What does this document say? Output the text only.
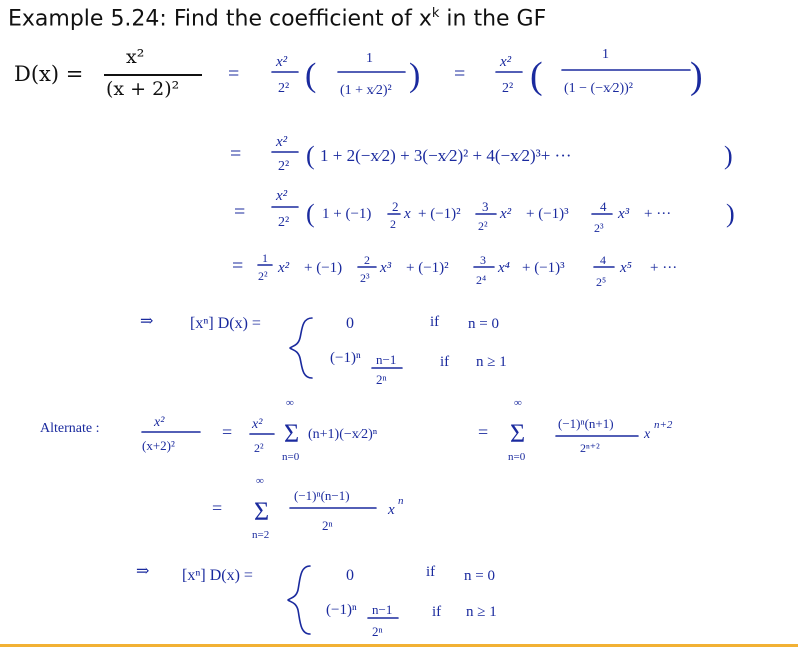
Example 5.24: Find the coefficient of $x^k$ in the GF
D(x) =
x²
(x + 2)²
=
x²
2² (	1
(1 + x⁄2)² ) =
x²
2² (
1
(1 − (−x⁄2))² )
=
x²
2² ( 1 + 2(−x⁄2) + 3(−x⁄2)² + 4(−x⁄2)³+ ···	)
=
x²
2² ( 1 + (−1) 2
2
x + (−1)² 3
2²
x² + (−1)³ 4
2³
x³ + ··· )
= 1
2² x² + (−1) 2
2³
x³ + (−1)²	3
2⁴
x⁴ + (−1)³	4
2⁵
x⁵ + ···
⇒ [xⁿ] D(x) =	0	if n = 0
(−1)ⁿ n−1
2ⁿ
if n ≥ 1
Alternate :	x²
(x+2)²
= x²
2²
∞
Σ
n=0
(n+1)(−x⁄2)ⁿ	=
∞
Σ
n=0
(−1)ⁿ(n+1)
2ⁿ⁺²
x
n+2
=
∞
Σ
n=2
(−1)ⁿ(n−1)
2ⁿ
x
n
⇒ [xⁿ] D(x) =	0	if n = 0
(−1)ⁿ n−1
2ⁿ
if n ≥ 1
